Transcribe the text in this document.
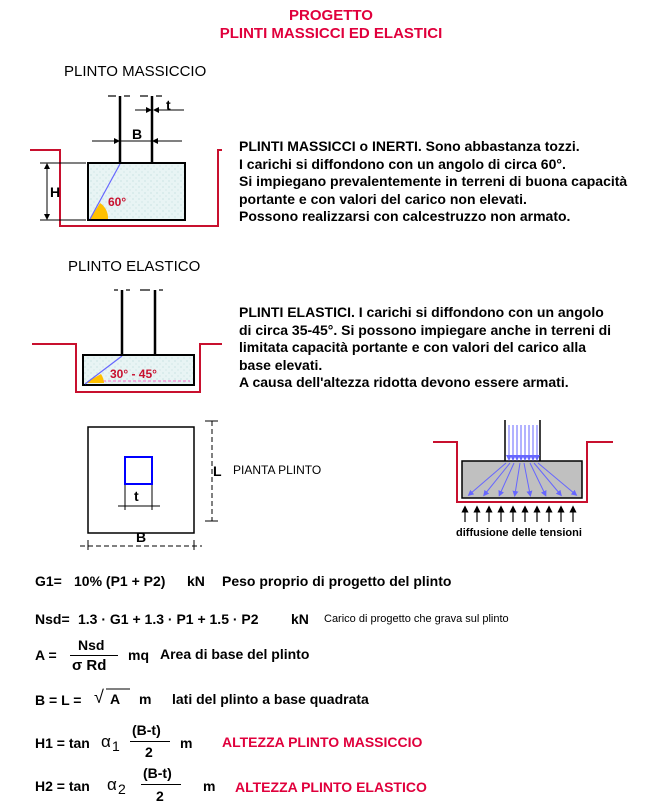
PROGETTO
PLINTI MASSICCI ED ELASTICI
PLINTO MASSICCIO
t
B
H
60°
PLINTI MASSICCI o INERTI. Sono abbastanza tozzi.
I carichi si diffondono con un angolo di circa 60°.
Si impiegano prevalentemente in terreni di buona capacità
portante e con valori del carico non elevati.
Possono realizzarsi con calcestruzzo non armato.
PLINTO ELASTICO
30° - 45°
PLINTI ELASTICI. I carichi si diffondono con un angolo
di circa 35-45°. Si possono impiegare anche in terreni di
limitata capacità portante e con valori del carico alla
base elevati.
A causa dell'altezza ridotta devono essere armati.
L PIANTA PLINTO
t
B	diffusione delle tensioni
G1= 10% (P1 + P2) kN Peso proprio di progetto del plinto
Nsd= 1.3 · G1 + 1.3 · P1 + 1.5 · P2 kN Carico di progetto che grava sul plinto
A =
Nsd
σ Rd
mq Area di base del plinto
B = L = √ A m lati del plinto a base quadrata
H1 = tan α 1
(B-t)
2
m ALTEZZA PLINTO MASSICCIO
H2 = tan α 2
(B-t)
2
m ALTEZZA PLINTO ELASTICO
